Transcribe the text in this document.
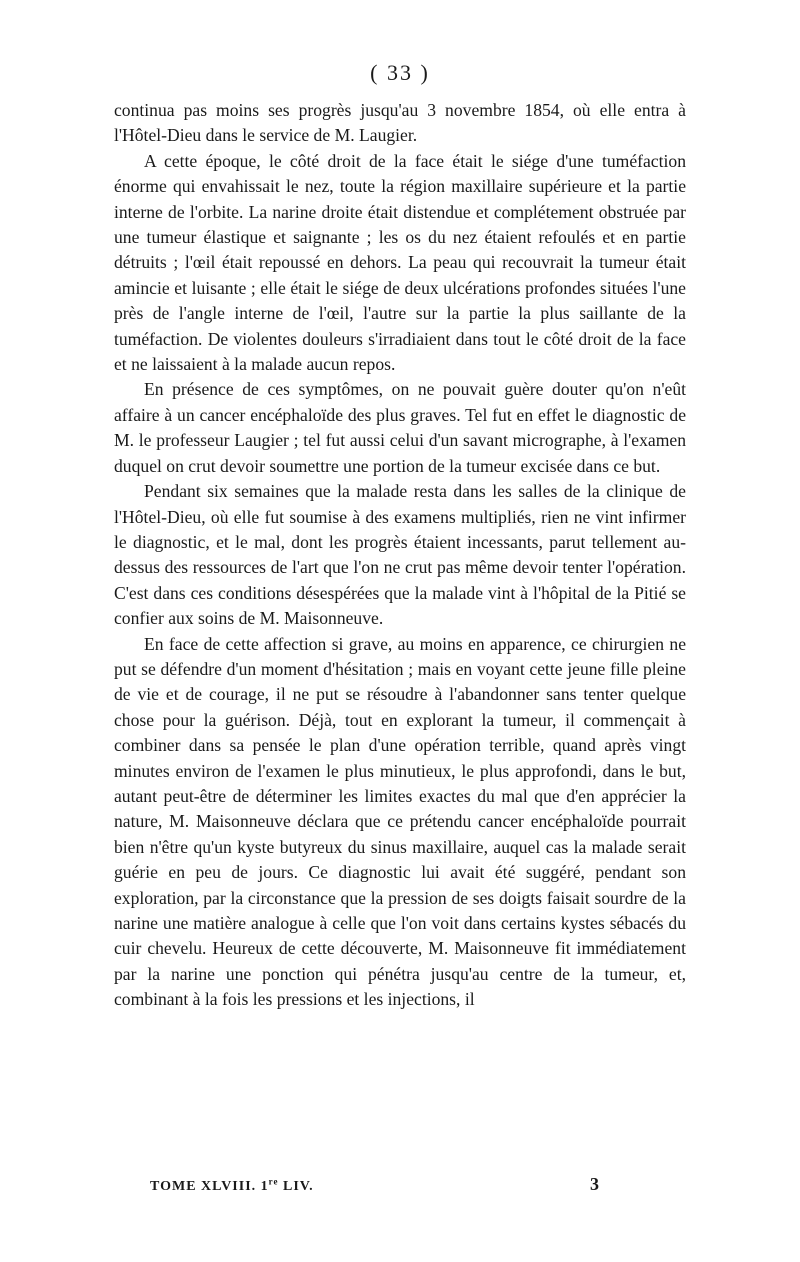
( 33 )

continua pas moins ses progrès jusqu'au 3 novembre 1854, où elle entra à l'Hôtel-Dieu dans le service de M. Laugier.

A cette époque, le côté droit de la face était le siége d'une tuméfaction énorme qui envahissait le nez, toute la région maxillaire supérieure et la partie interne de l'orbite. La narine droite était distendue et complétement obstruée par une tumeur élastique et saignante ; les os du nez étaient refoulés et en partie détruits ; l'œil était repoussé en dehors. La peau qui recouvrait la tumeur était amincie et luisante ; elle était le siége de deux ulcérations profondes situées l'une près de l'angle interne de l'œil, l'autre sur la partie la plus saillante de la tuméfaction. De violentes douleurs s'irradiaient dans tout le côté droit de la face et ne laissaient à la malade aucun repos.

En présence de ces symptômes, on ne pouvait guère douter qu'on n'eût affaire à un cancer encéphaloïde des plus graves. Tel fut en effet le diagnostic de M. le professeur Laugier ; tel fut aussi celui d'un savant micrographe, à l'examen duquel on crut devoir soumettre une portion de la tumeur excisée dans ce but.

Pendant six semaines que la malade resta dans les salles de la clinique de l'Hôtel-Dieu, où elle fut soumise à des examens multipliés, rien ne vint infirmer le diagnostic, et le mal, dont les progrès étaient incessants, parut tellement au-dessus des ressources de l'art que l'on ne crut pas même devoir tenter l'opération. C'est dans ces conditions désespérées que la malade vint à l'hôpital de la Pitié se confier aux soins de M. Maisonneuve.

En face de cette affection si grave, au moins en apparence, ce chirurgien ne put se défendre d'un moment d'hésitation ; mais en voyant cette jeune fille pleine de vie et de courage, il ne put se résoudre à l'abandonner sans tenter quelque chose pour la guérison. Déjà, tout en explorant la tumeur, il commençait à combiner dans sa pensée le plan d'une opération terrible, quand après vingt minutes environ de l'examen le plus minutieux, le plus approfondi, dans le but, autant peut-être de déterminer les limites exactes du mal que d'en apprécier la nature, M. Maisonneuve déclara que ce prétendu cancer encéphaloïde pourrait bien n'être qu'un kyste butyreux du sinus maxillaire, auquel cas la malade serait guérie en peu de jours. Ce diagnostic lui avait été suggéré, pendant son exploration, par la circonstance que la pression de ses doigts faisait sourdre de la narine une matière analogue à celle que l'on voit dans certains kystes sébacés du cuir chevelu. Heureux de cette découverte, M. Maisonneuve fit immédiatement par la narine une ponction qui pénétra jusqu'au centre de la tumeur, et, combinant à la fois les pressions et les injections, il

TOME XLVIII. 1re LIV.	3
